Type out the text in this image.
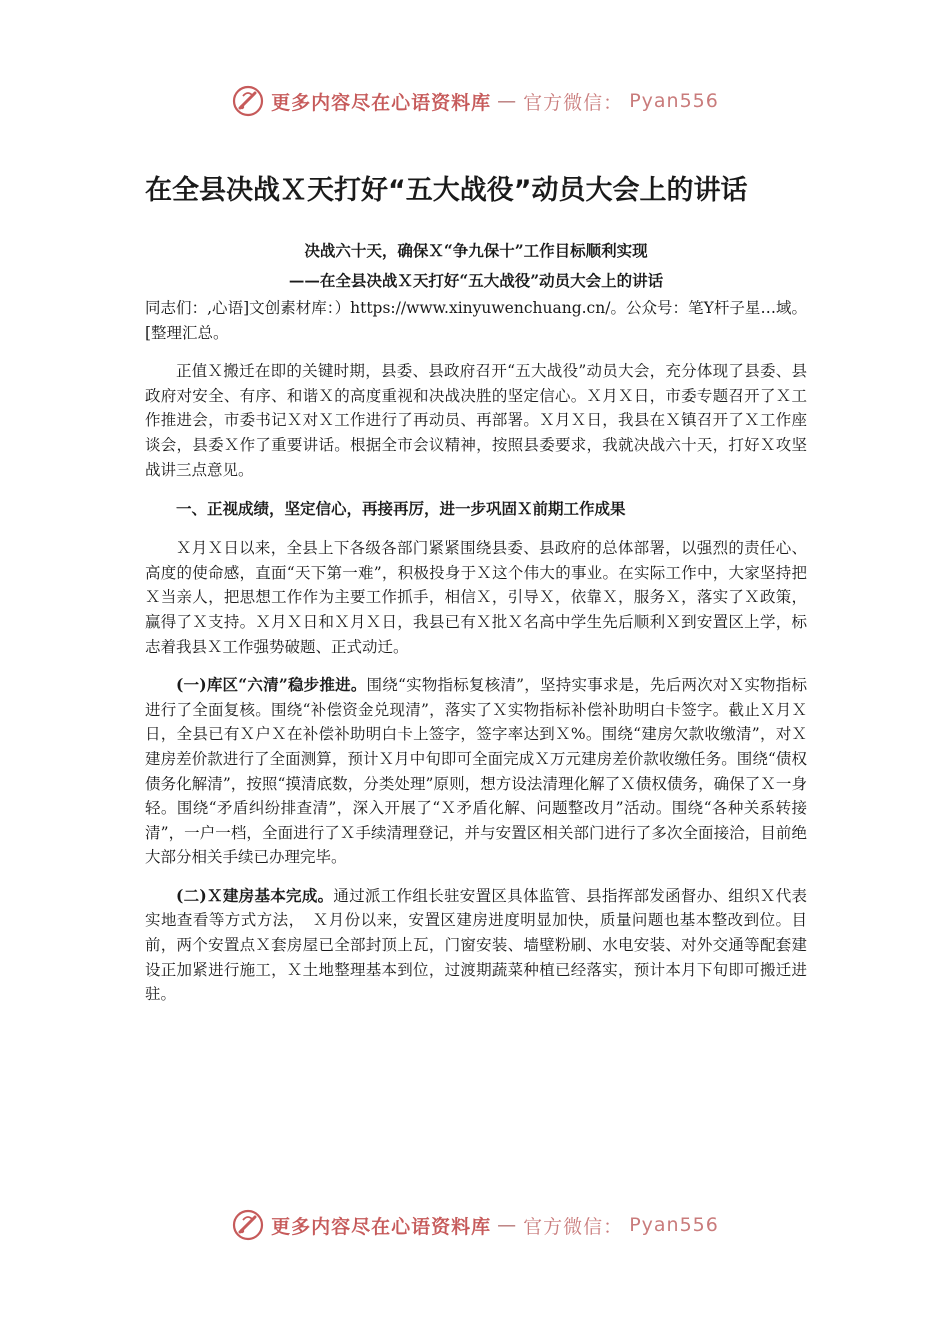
更多内容尽在心语资料库 — 官方微信： Pyan556
在全县决战Ｘ天打好“五大战役”动员大会上的讲话

决战六十天，确保Ｘ“争九保十”工作目标顺利实现

——在全县决战Ｘ天打好“五大战役”动员大会上的讲话

同志们：,心语]文创素材库：）https://www.xinyuwenchuang.cn/。公众号：笔Y杆子星…域。[整理汇总。

正值Ｘ搬迁在即的关键时期，县委、县政府召开“五大战役”动员大会，充分体现了县委、县政府对安全、有序、和谐Ｘ的高度重视和决战决胜的坚定信心。Ｘ月Ｘ日，市委专题召开了Ｘ工作推进会，市委书记Ｘ对Ｘ工作进行了再动员、再部署。Ｘ月Ｘ日，我县在Ｘ镇召开了Ｘ工作座谈会，县委Ｘ作了重要讲话。根据全市会议精神，按照县委要求，我就决战六十天，打好Ｘ攻坚战讲三点意见。

一、正视成绩，坚定信心，再接再厉，进一步巩固Ｘ前期工作成果

Ｘ月Ｘ日以来，全县上下各级各部门紧紧围绕县委、县政府的总体部署，以强烈的责任心、高度的使命感，直面“天下第一难”，积极投身于Ｘ这个伟大的事业。在实际工作中，大家坚持把Ｘ当亲人，把思想工作作为主要工作抓手，相信Ｘ，引导Ｘ，依靠Ｘ，服务Ｘ，落实了Ｘ政策，赢得了Ｘ支持。Ｘ月Ｘ日和Ｘ月Ｘ日，我县已有Ｘ批Ｘ名高中学生先后顺利Ｘ到安置区上学，标志着我县Ｘ工作强势破题、正式动迁。

(一)库区“六清”稳步推进。围绕“实物指标复核清”，坚持实事求是，先后两次对Ｘ实物指标进行了全面复核。围绕“补偿资金兑现清”，落实了Ｘ实物指标补偿补助明白卡签字。截止Ｘ月Ｘ日，全县已有Ｘ户Ｘ在补偿补助明白卡上签字，签字率达到Ｘ%。围绕“建房欠款收缴清”，对Ｘ建房差价款进行了全面测算，预计Ｘ月中旬即可全面完成Ｘ万元建房差价款收缴任务。围绕“债权债务化解清”，按照“摸清底数，分类处理”原则，想方设法清理化解了Ｘ债权债务，确保了Ｘ一身轻。围绕“矛盾纠纷排查清”，深入开展了“Ｘ矛盾化解、问题整改月”活动。围绕“各种关系转接清”，一户一档，全面进行了Ｘ手续清理登记，并与安置区相关部门进行了多次全面接洽，目前绝大部分相关手续已办理完毕。

(二)Ｘ建房基本完成。通过派工作组长驻安置区具体监管、县指挥部发函督办、组织Ｘ代表实地查看等方式方法，　Ｘ月份以来，安置区建房进度明显加快，质量问题也基本整改到位。目前，两个安置点Ｘ套房屋已全部封顶上瓦，门窗安装、墙壁粉刷、水电安装、对外交通等配套建设正加紧进行施工，Ｘ土地整理基本到位，过渡期蔬菜种植已经落实，预计本月下旬即可搬迁进驻。

更多内容尽在心语资料库 — 官方微信： Pyan556
